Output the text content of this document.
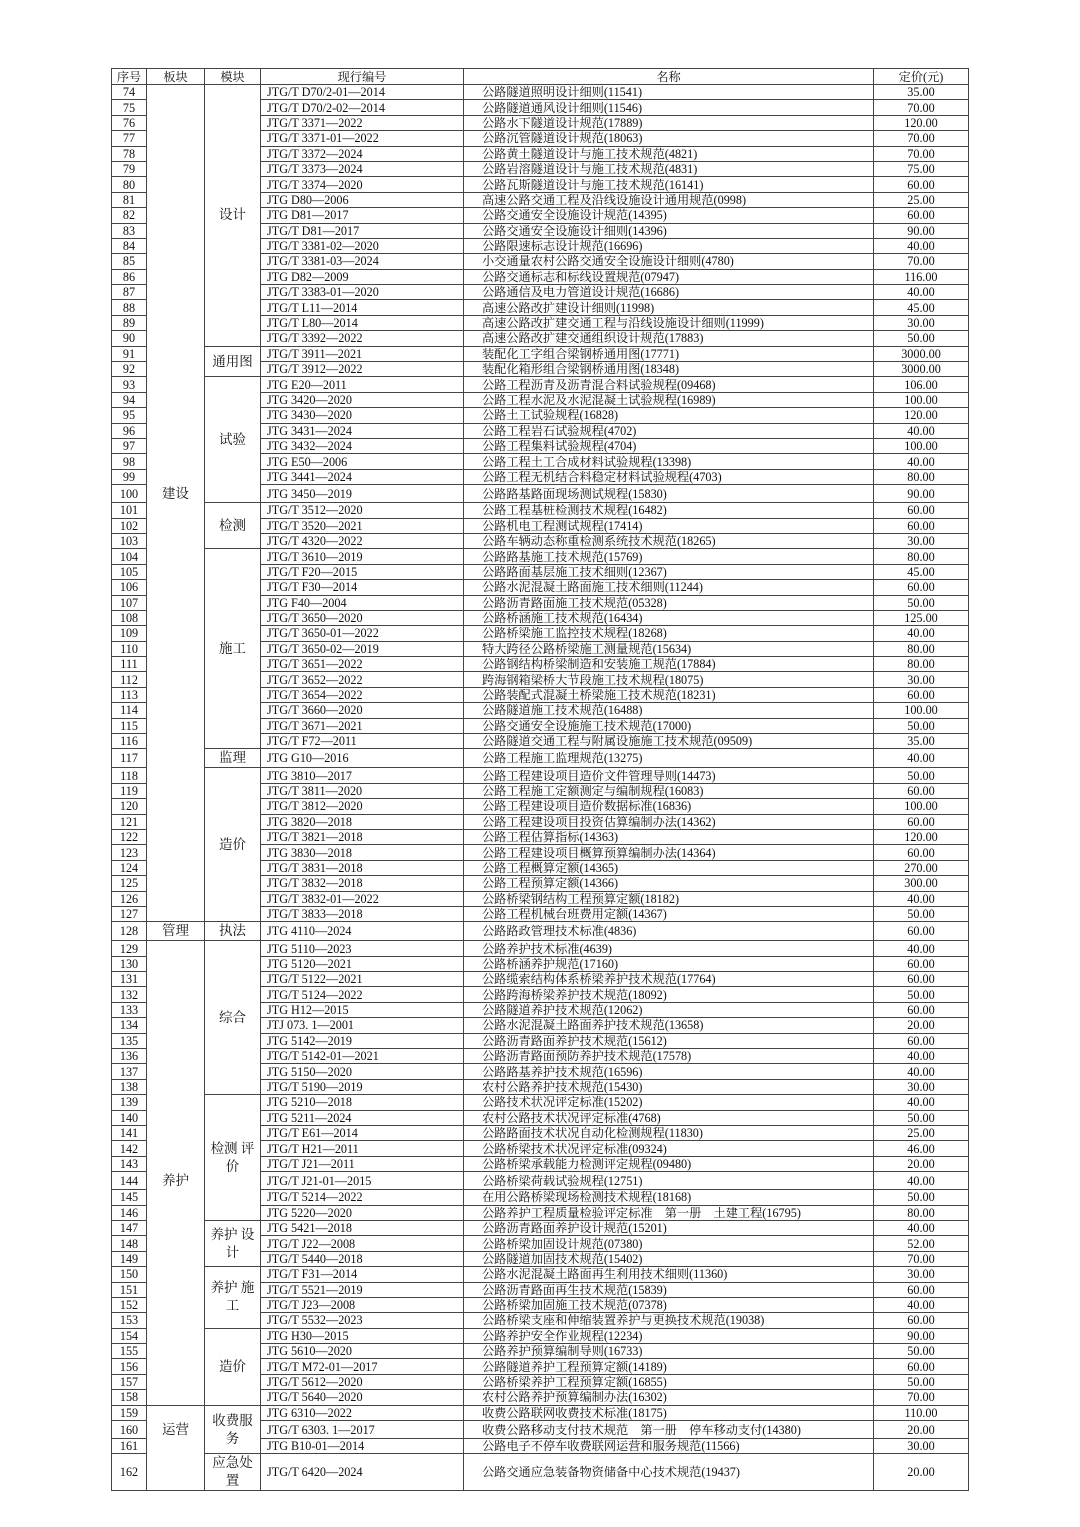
序号	板块	模块	现行编号	名称	定价(元)
74		设计	JTG/T D70/2-01—2014	公路隧道照明设计细则(11541)	35.00
75			JTG/T D70/2-02—2014	公路隧道通风设计细则(11546)	70.00
76			JTG/T 3371—2022	公路水下隧道设计规范(17889)	120.00
77			JTG/T 3371-01—2022	公路沉管隧道设计规范(18063)	70.00
78			JTG/T 3372—2024	公路黄土隧道设计与施工技术规范(4821)	70.00
79			JTG/T 3373—2024	公路岩溶隧道设计与施工技术规范(4831)	75.00
80			JTG/T 3374—2020	公路瓦斯隧道设计与施工技术规范(16141)	60.00
81			JTG D80—2006	高速公路交通工程及沿线设施设计通用规范(0998)	25.00
82			JTG D81—2017	公路交通安全设施设计规范(14395)	60.00
83			JTG/T D81—2017	公路交通安全设施设计细则(14396)	90.00
84			JTG/T 3381-02—2020	公路限速标志设计规范(16696)	40.00
85			JTG/T 3381-03—2024	小交通量农村公路交通安全设施设计细则(4780)	70.00
86			JTG D82—2009	公路交通标志和标线设置规范(07947)	116.00
87			JTG/T 3383-01—2020	公路通信及电力管道设计规范(16686)	40.00
88			JTG/T L11—2014	高速公路改扩建设计细则(11998)	45.00
89			JTG/T L80—2014	高速公路改扩建交通工程与沿线设施设计细则(11999)	30.00
90			JTG/T 3392—2022	高速公路改扩建交通组织设计规范(17883)	50.00
91		通用图	JTG/T 3911—2021	装配化工字组合梁钢桥通用图(17771)	3000.00
92			JTG/T 3912—2022	装配化箱形组合梁钢桥通用图(18348)	3000.00
93		试验	JTG E20—2011	公路工程沥青及沥青混合料试验规程(09468)	106.00
94			JTG 3420—2020	公路工程水泥及水泥混凝土试验规程(16989)	100.00
95			JTG 3430—2020	公路土工试验规程(16828)	120.00
96			JTG 3431—2024	公路工程岩石试验规程(4702)	40.00
97			JTG 3432—2024	公路工程集料试验规程(4704)	100.00
98			JTG E50—2006	公路工程土工合成材料试验规程(13398)	40.00
99			JTG 3441—2024	公路工程无机结合料稳定材料试验规程(4703)	80.00
100	建设		JTG 3450—2019	公路路基路面现场测试规程(15830)	90.00
101		检测	JTG/T 3512—2020	公路工程基桩检测技术规程(16482)	60.00
102			JTG/T 3520—2021	公路机电工程测试规程(17414)	60.00
103			JTG/T 4320—2022	公路车辆动态称重检测系统技术规范(18265)	30.00
104		施工	JTG/T 3610—2019	公路路基施工技术规范(15769)	80.00
105			JTG/T F20—2015	公路路面基层施工技术细则(12367)	45.00
106			JTG/T F30—2014	公路水泥混凝土路面施工技术细则(11244)	60.00
107			JTG F40—2004	公路沥青路面施工技术规范(05328)	50.00
108			JTG/T 3650—2020	公路桥涵施工技术规范(16434)	125.00
109			JTG/T 3650-01—2022	公路桥梁施工监控技术规程(18268)	40.00
110			JTG/T 3650-02—2019	特大跨径公路桥梁施工测量规范(15634)	80.00
111			JTG/T 3651—2022	公路钢结构桥梁制造和安装施工规范(17884)	80.00
112			JTG/T 3652—2022	跨海钢箱梁桥大节段施工技术规程(18075)	30.00
113			JTG/T 3654—2022	公路装配式混凝土桥梁施工技术规范(18231)	60.00
114			JTG/T 3660—2020	公路隧道施工技术规范(16488)	100.00
115			JTG/T 3671—2021	公路交通安全设施施工技术规范(17000)	50.00
116			JTG/T F72—2011	公路隧道交通工程与附属设施施工技术规范(09509)	35.00
117		监理	JTG G10—2016	公路工程施工监理规范(13275)	40.00
118		造价	JTG 3810—2017	公路工程建设项目造价文件管理导则(14473)	50.00
119			JTG/T 3811—2020	公路工程施工定额测定与编制规程(16083)	60.00
120			JTG/T 3812—2020	公路工程建设项目造价数据标准(16836)	100.00
121			JTG 3820—2018	公路工程建设项目投资估算编制办法(14362)	60.00
122			JTG/T 3821—2018	公路工程估算指标(14363)	120.00
123			JTG 3830—2018	公路工程建设项目概算预算编制办法(14364)	60.00
124			JTG/T 3831—2018	公路工程概算定额(14365)	270.00
125			JTG/T 3832—2018	公路工程预算定额(14366)	300.00
126			JTG/T 3832-01—2022	公路桥梁钢结构工程预算定额(18182)	40.00
127			JTG/T 3833—2018	公路工程机械台班费用定额(14367)	50.00
128	管理	执法	JTG 4110—2024	公路路政管理技术标准(4836)	60.00
129		综合	JTG 5110—2023	公路养护技术标准(4639)	40.00
130			JTG 5120—2021	公路桥涵养护规范(17160)	60.00
131			JTG/T 5122—2021	公路缆索结构体系桥梁养护技术规范(17764)	60.00
132			JTG/T 5124—2022	公路跨海桥梁养护技术规范(18092)	50.00
133			JTG H12—2015	公路隧道养护技术规范(12062)	60.00
134			JTJ 073. 1—2001	公路水泥混凝土路面养护技术规范(13658)	20.00
135			JTG 5142—2019	公路沥青路面养护技术规范(15612)	60.00
136			JTG/T 5142-01—2021	公路沥青路面预防养护技术规范(17578)	40.00
137			JTG 5150—2020	公路路基养护技术规范(16596)	40.00
138			JTG/T 5190—2019	农村公路养护技术规范(15430)	30.00
139		检测 评价	JTG 5210—2018	公路技术状况评定标准(15202)	40.00
140			JTG 5211—2024	农村公路技术状况评定标准(4768)	50.00
141			JTG/T E61—2014	公路路面技术状况自动化检测规程(11830)	25.00
142			JTG/T H21—2011	公路桥梁技术状况评定标准(09324)	46.00
143			JTG/T J21—2011	公路桥梁承载能力检测评定规程(09480)	20.00
144	养护		JTG/T J21-01—2015	公路桥梁荷载试验规程(12751)	40.00
145			JTG/T 5214—2022	在用公路桥梁现场检测技术规程(18168)	50.00
146			JTG 5220—2020	公路养护工程质量检验评定标准　第一册　土建工程(16795)	80.00
147		养护 设计	JTG 5421—2018	公路沥青路面养护设计规范(15201)	40.00
148			JTG/T J22—2008	公路桥梁加固设计规范(07380)	52.00
149			JTG/T 5440—2018	公路隧道加固技术规范(15402)	70.00
150		养护 施工	JTG/T F31—2014	公路水泥混凝土路面再生利用技术细则(11360)	30.00
151			JTG/T 5521—2019	公路沥青路面再生技术规范(15839)	60.00
152			JTG/T J23—2008	公路桥梁加固施工技术规范(07378)	40.00
153			JTG/T 5532—2023	公路桥梁支座和伸缩装置养护与更换技术规范(19038)	60.00
154		造价	JTG H30—2015	公路养护安全作业规程(12234)	90.00
155			JTG 5610—2020	公路养护预算编制导则(16733)	50.00
156			JTG/T M72-01—2017	公路隧道养护工程预算定额(14189)	60.00
157			JTG/T 5612—2020	公路桥梁养护工程预算定额(16855)	50.00
158			JTG/T 5640—2020	农村公路养护预算编制办法(16302)	70.00
159		收费服务	JTG 6310—2022	收费公路联网收费技术标准(18175)	110.00
160	运营		JTG/T 6303. 1—2017	收费公路移动支付技术规范　第一册　停车移动支付(14380)	20.00
161			JTG B10-01—2014	公路电子不停车收费联网运营和服务规范(11566)	30.00
162		应急处置	JTG/T 6420—2024	公路交通应急装备物资储备中心技术规范(19437)	20.00
